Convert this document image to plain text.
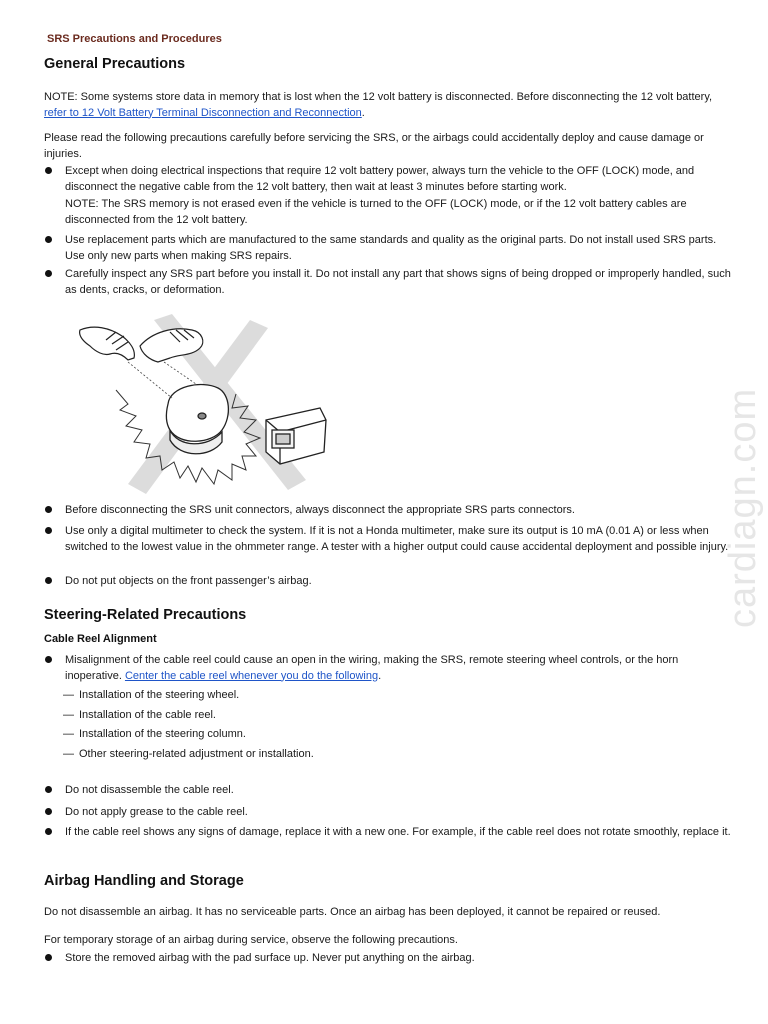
SRS Precautions and Procedures
General Precautions
NOTE: Some systems store data in memory that is lost when the 12 volt battery is disconnected. Before disconnecting the 12 volt battery, refer to 12 Volt Battery Terminal Disconnection and Reconnection.
Please read the following precautions carefully before servicing the SRS, or the airbags could accidentally deploy and cause damage or injuries.
Except when doing electrical inspections that require 12 volt battery power, always turn the vehicle to the OFF (LOCK) mode, and disconnect the negative cable from the 12 volt battery, then wait at least 3 minutes before starting work.
NOTE: The SRS memory is not erased even if the vehicle is turned to the OFF (LOCK) mode, or if the 12 volt battery cables are disconnected from the 12 volt battery.
Use replacement parts which are manufactured to the same standards and quality as the original parts. Do not install used SRS parts. Use only new parts when making SRS repairs.
Carefully inspect any SRS part before you install it. Do not install any part that shows signs of being dropped or improperly handled, such as dents, cracks, or deformation.
Before disconnecting the SRS unit connectors, always disconnect the appropriate SRS parts connectors.
Use only a digital multimeter to check the system. If it is not a Honda multimeter, make sure its output is 10 mA (0.01 A) or less when switched to the lowest value in the ohmmeter range. A tester with a higher output could cause accidental deployment and possible injury.
Do not put objects on the front passenger’s airbag.
Steering-Related Precautions
Cable Reel Alignment
Misalignment of the cable reel could cause an open in the wiring, making the SRS, remote steering wheel controls, or the horn inoperative. Center the cable reel whenever you do the following.
— Installation of the steering wheel.
— Installation of the cable reel.
— Installation of the steering column.
— Other steering-related adjustment or installation.
Do not disassemble the cable reel.
Do not apply grease to the cable reel.
If the cable reel shows any signs of damage, replace it with a new one. For example, if the cable reel does not rotate smoothly, replace it.
Airbag Handling and Storage
Do not disassemble an airbag. It has no serviceable parts. Once an airbag has been deployed, it cannot be repaired or reused.
For temporary storage of an airbag during service, observe the following precautions.
Store the removed airbag with the pad surface up. Never put anything on the airbag.
cardiagn.com
